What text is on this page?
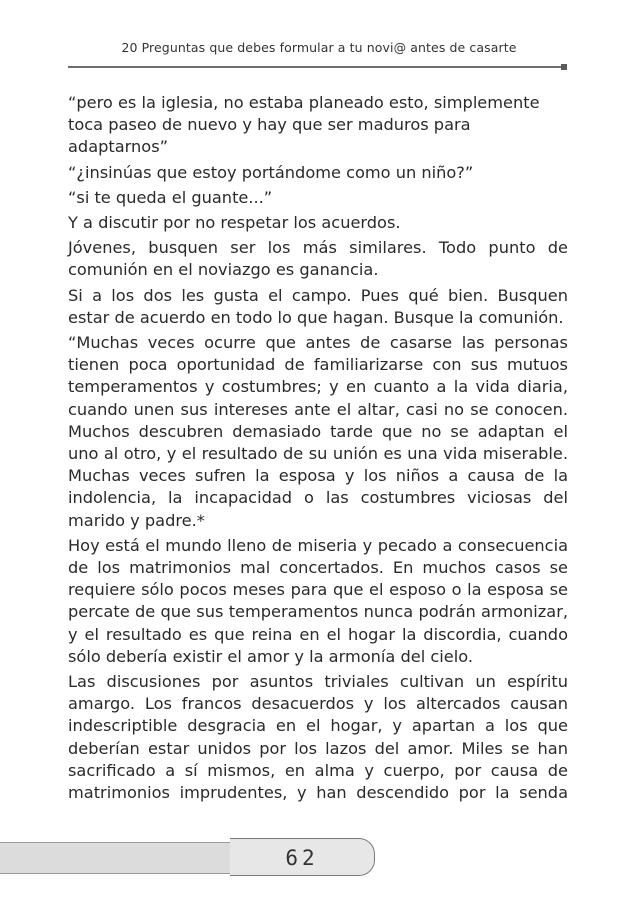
20 Preguntas que debes formular a tu novi@ antes de casarte

“pero es la iglesia, no estaba planeado esto, simplemente
toca paseo de nuevo y hay que ser maduros para
adaptarnos”

“¿insinúas que estoy portándome como un niño?”

“si te queda el guante...”

Y a discutir por no respetar los acuerdos.

Jóvenes, busquen ser los más similares. Todo punto de
comunión en el noviazgo es ganancia.

Si a los dos les gusta el campo. Pues qué bien. Busquen
estar de acuerdo en todo lo que hagan. Busque la comunión.

“Muchas veces ocurre que antes de casarse las personas
tienen poca oportunidad de familiarizarse con sus mutuos
temperamentos y costumbres; y en cuanto a la vida diaria,
cuando unen sus intereses ante el altar, casi no se conocen.
Muchos descubren demasiado tarde que no se adaptan el
uno al otro, y el resultado de su unión es una vida miserable.
Muchas veces sufren la esposa y los niños a causa de la
indolencia, la incapacidad o las costumbres viciosas del
marido y padre.*

Hoy está el mundo lleno de miseria y pecado a consecuencia
de los matrimonios mal concertados. En muchos casos se
requiere sólo pocos meses para que el esposo o la esposa se
percate de que sus temperamentos nunca podrán armonizar,
y el resultado es que reina en el hogar la discordia, cuando
sólo debería existir el amor y la armonía del cielo.

Las discusiones por asuntos triviales cultivan un espíritu
amargo. Los francos desacuerdos y los altercados causan
indescriptible desgracia en el hogar, y apartan a los que
deberían estar unidos por los lazos del amor. Miles se han
sacrificado a sí mismos, en alma y cuerpo, por causa de
matrimonios imprudentes, y han descendido por la senda

62
